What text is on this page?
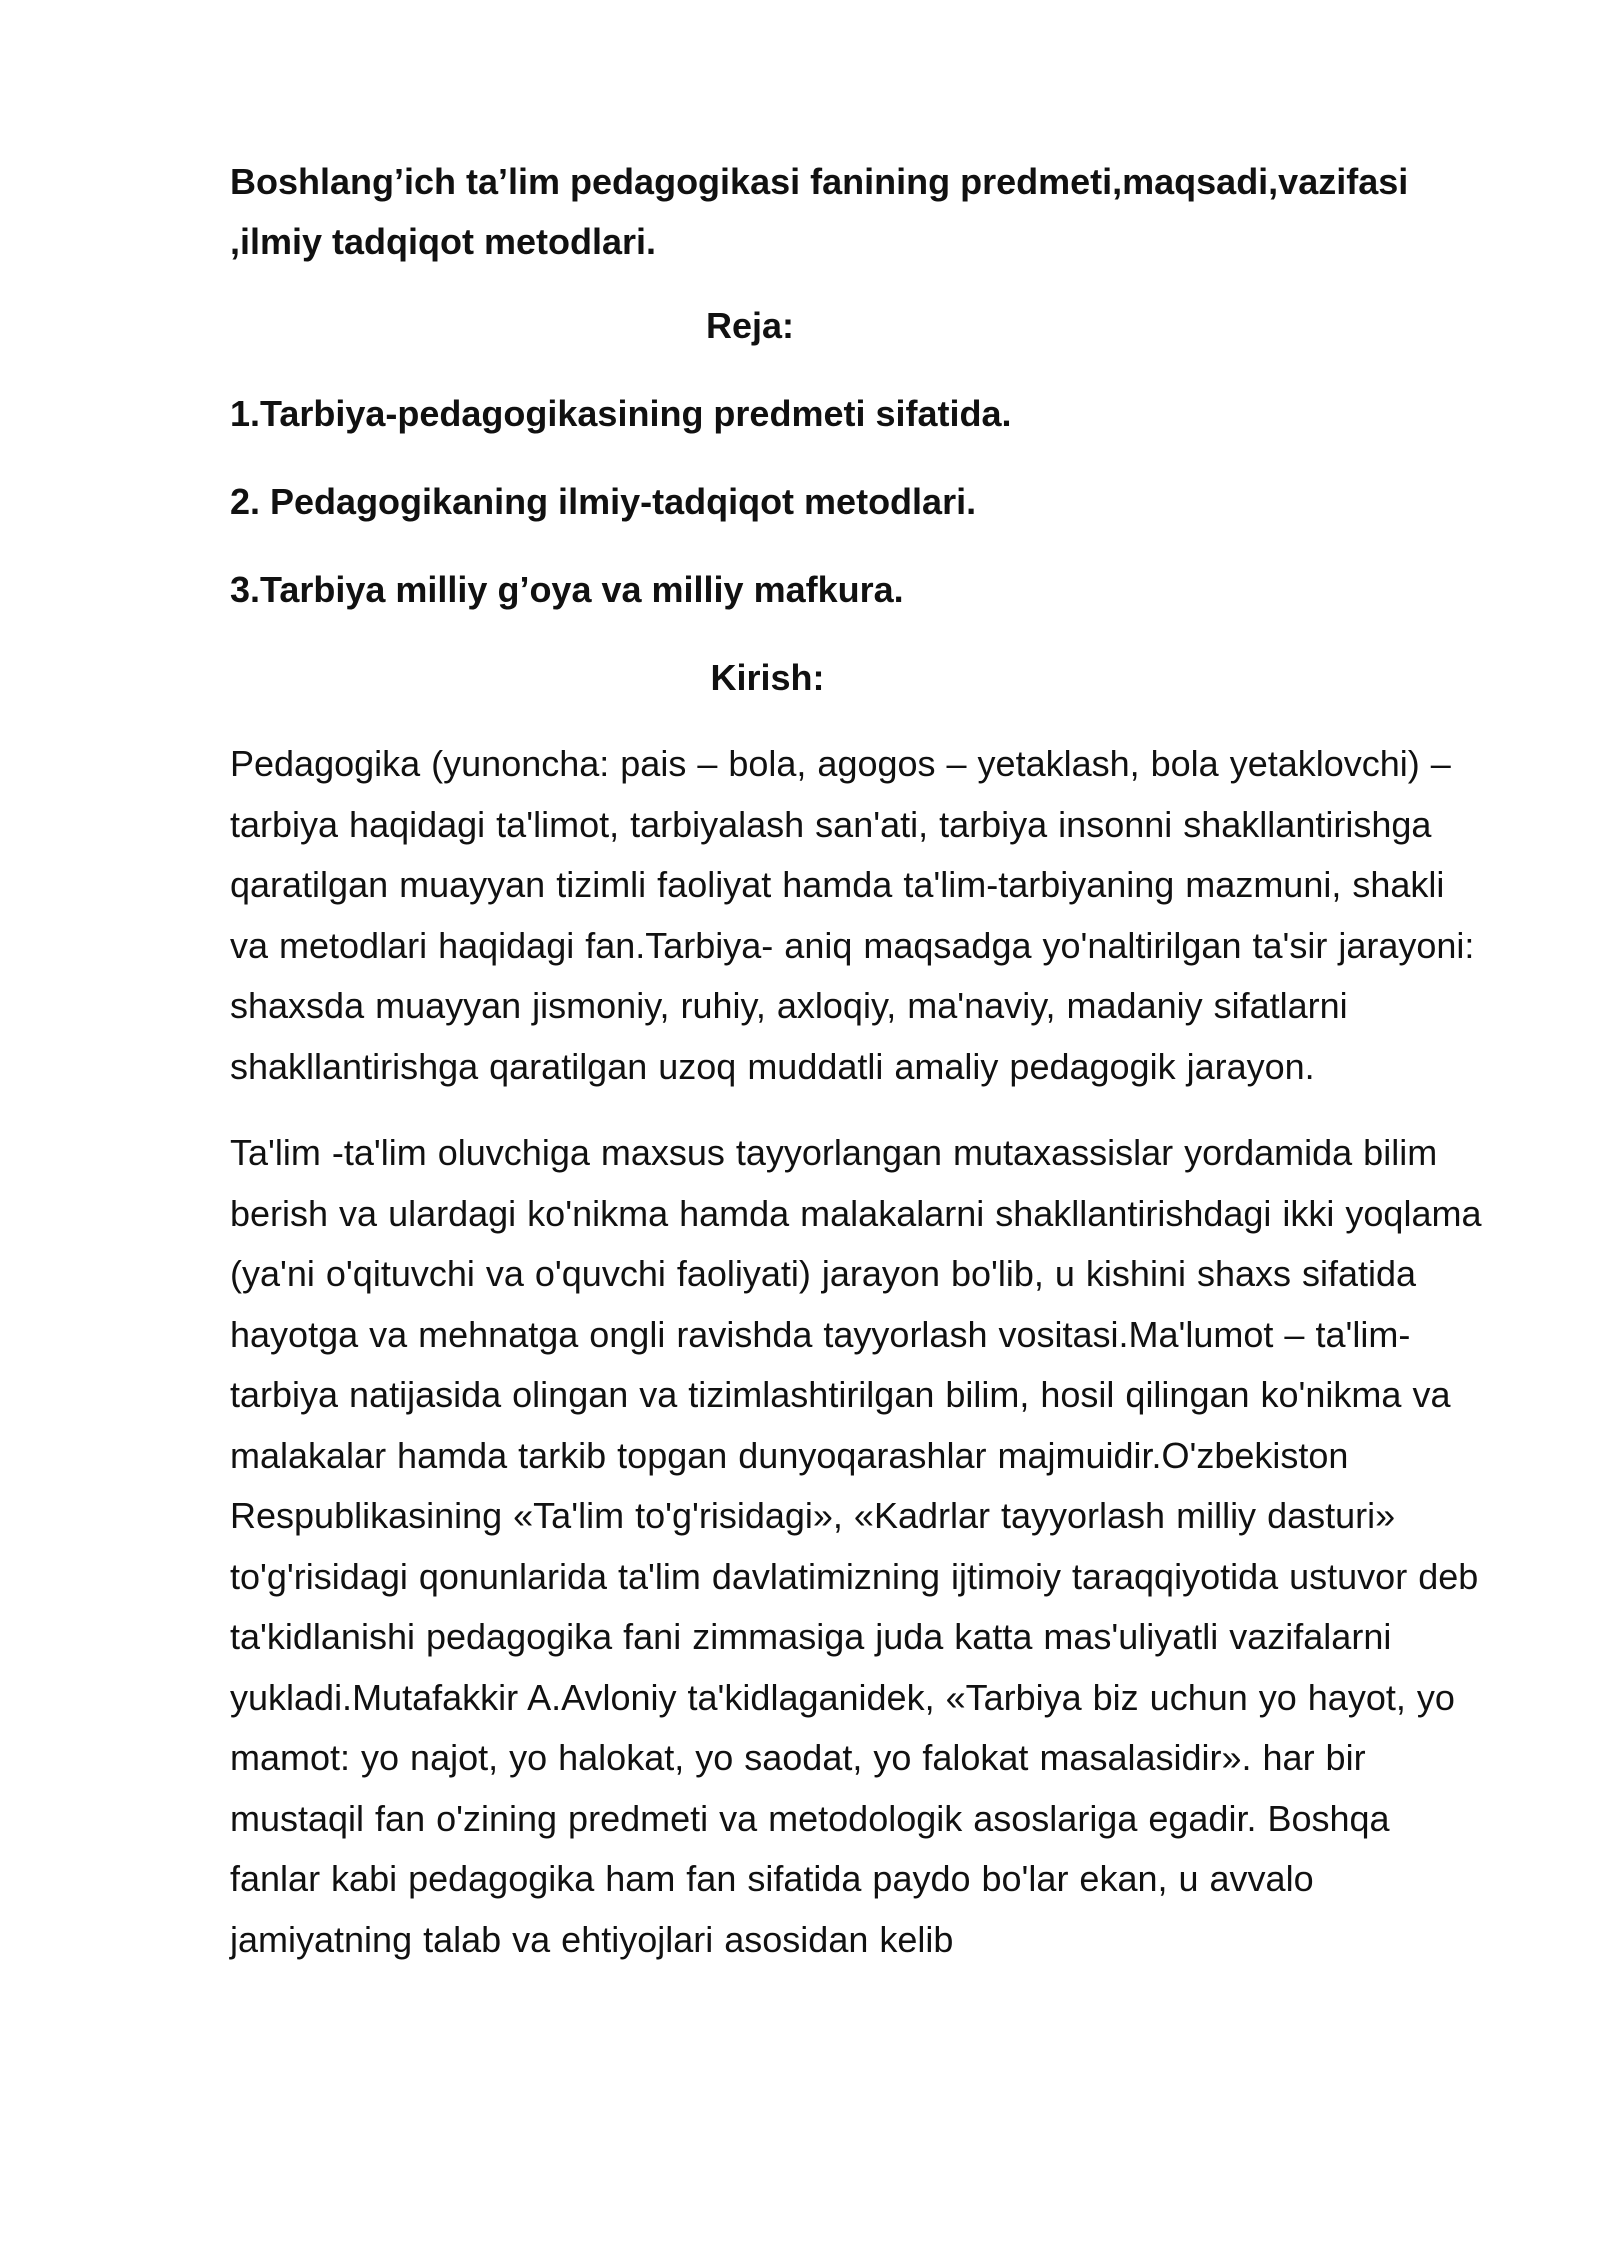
Boshlang’ich ta’lim pedagogikasi fanining predmeti,maqsadi,vazifasi ,ilmiy tadqiqot metodlari.
Reja:
1.Tarbiya-pedagogikasining predmeti sifatida.
2. Pedagogikaning ilmiy-tadqiqot metodlari.
3.Tarbiya milliy g’oya va milliy mafkura.
Kirish:

Pedagogika (yunoncha: pais – bola, agogos – yetaklash, bola yetaklovchi) – tarbiya haqidagi ta'limot, tarbiyalash san'ati, tarbiya insonni shakllantirishga qaratilgan muayyan tizimli faoliyat hamda ta'lim-tarbiyaning mazmuni, shakli va metodlari haqidagi fan.Tarbiya- aniq maqsadga yo'naltirilgan ta'sir jarayoni: shaxsda muayyan jismoniy, ruhiy, axloqiy, ma'naviy, madaniy sifatlarni shakllantirishga qaratilgan uzoq muddatli amaliy pedagogik jarayon.

Ta'lim -ta'lim oluvchiga maxsus tayyorlangan mutaxassislar yordamida bilim berish va ulardagi ko'nikma hamda malakalarni shakllantirishdagi ikki yoqlama (ya'ni o'qituvchi va o'quvchi faoliyati) jarayon bo'lib, u kishini shaxs sifatida hayotga va mehnatga ongli ravishda tayyorlash vositasi.Ma'lumot – ta'lim-tarbiya natijasida olingan va tizimlashtirilgan bilim, hosil qilingan ko'nikma va malakalar hamda tarkib topgan dunyoqarashlar majmuidir.O'zbekiston Respublikasining «Ta'lim to'g'risidagi», «Kadrlar tayyorlash milliy dasturi» to'g'risidagi qonunlarida ta'lim davlatimizning ijtimoiy taraqqiyotida ustuvor deb ta'kidlanishi pedagogika fani zimmasiga juda katta mas'uliyatli vazifalarni yukladi.Mutafakkir A.Avloniy ta'kidlaganidek, «Tarbiya biz uchun yo hayot, yo mamot: yo najot, yo halokat, yo saodat, yo falokat masalasidir». har bir mustaqil fan o'zining predmeti va metodologik asoslariga egadir. Boshqa fanlar kabi pedagogika ham fan sifatida paydo bo'lar ekan, u avvalo jamiyatning talab va ehtiyojlari asosidan kelib
